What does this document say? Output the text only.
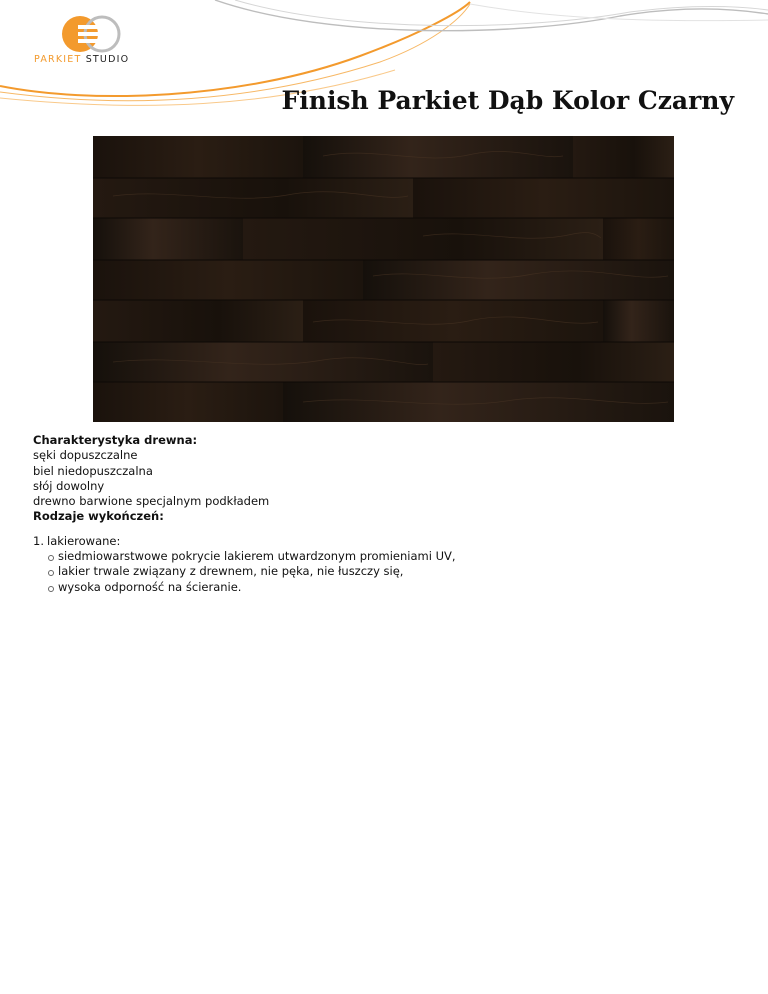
PARKIET STUDIO
Finish Parkiet Dąb Kolor Czarny

Charakterystyka drewna:

sęki dopuszczalne

biel niedopuszczalna

słój dowolny

drewno barwione specjalnym podkładem

Rodzaje wykończeń:

1. lakierowane:
siedmiowarstwowe pokrycie lakierem utwardzonym promieniami UV,
lakier trwale związany z drewnem, nie pęka, nie łuszczy się,
wysoka odporność na ścieranie.
